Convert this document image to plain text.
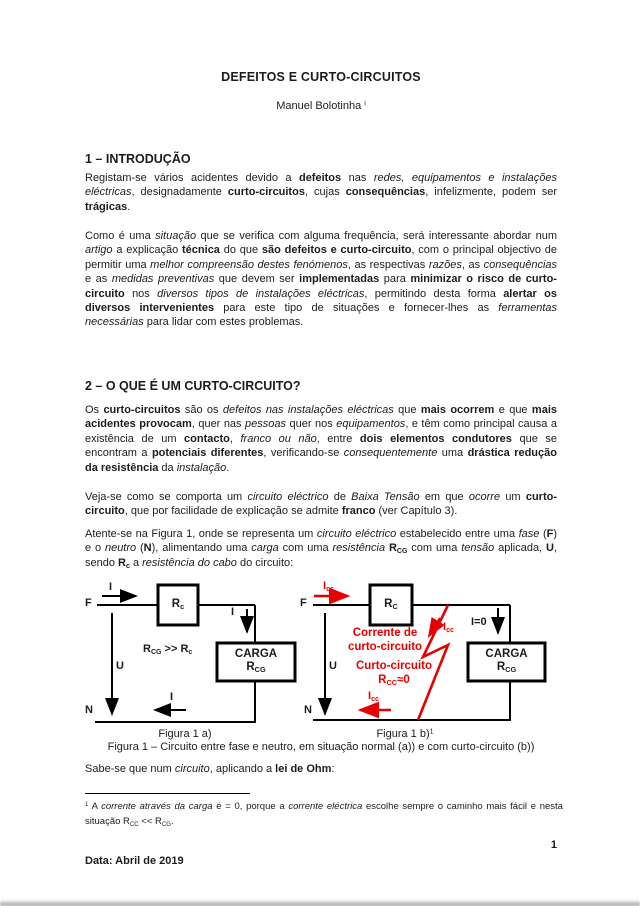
DEFEITOS E CURTO-CIRCUITOS
Manuel Bolotinha $^i$
1 – INTRODUÇÃO
Registam-se vários acidentes devido a defeitos nas redes, equipamentos e instalações eléctricas, designadamente curto-circuitos, cujas consequências, infelizmente, podem ser trágicas.
Como é uma situação que se verifica com alguma frequência, será interessante abordar num artigo a explicação técnica do que são defeitos e curto-circuito, com o principal objectivo de permitir uma melhor compreensão destes fenómenos, as respectivas razões, as consequências e as medidas preventivas que devem ser implementadas para minimizar o risco de curto-circuito nos diversos tipos de instalações eléctricas, permitindo desta forma alertar os diversos intervenientes para este tipo de situações e fornecer-lhes as ferramentas necessárias para lidar com estes problemas.
2 – O QUE É UM CURTO-CIRCUITO?
Os curto-circuitos são os defeitos nas instalações eléctricas que mais ocorrem e que mais acidentes provocam, quer nas pessoas quer nos equipamentos, e têm como principal causa a existência de um contacto, franco ou não, entre dois elementos condutores que se encontram a potenciais diferentes, verificando-se consequentemente uma drástica redução da resistência da instalação.
Veja-se como se comporta um circuito eléctrico de Baixa Tensão em que ocorre um curto-circuito, que por facilidade de explicação se admite franco (ver Capítulo 3).
Atente-se na Figura 1, onde se representa um circuito eléctrico estabelecido entre uma fase (F) e o neutro (N), alimentando uma carga com uma resistência $R_{CG}$ com uma tensão aplicada, U, sendo $R_c$ a resistência do cabo do circuito:
F
I
U
N
I
I
$R_{CG} >> R_c$
$R_c$
CARGA
$R_{CG}$
F
$I_{cc}$
U
N
I=0
$I_{cc}$
$I_{cc}$
$R_C$
CARGA
$R_{CG}$
Corrente de
curto-circuito
Curto-circuito
$R_{CC}\approx 0$
Figura 1 a)	Figura 1 b)$^1$
Figura 1 – Circuito entre fase e neutro, em situação normal (a)) e com curto-circuito (b))
Sabe-se que num circuito, aplicando a lei de Ohm:
$^1$ A corrente através da carga é = 0, porque a corrente eléctrica escolhe sempre o caminho mais fácil e nesta situação $R_{CC} << R_{CG}$.
1
Data: Abril de 2019
